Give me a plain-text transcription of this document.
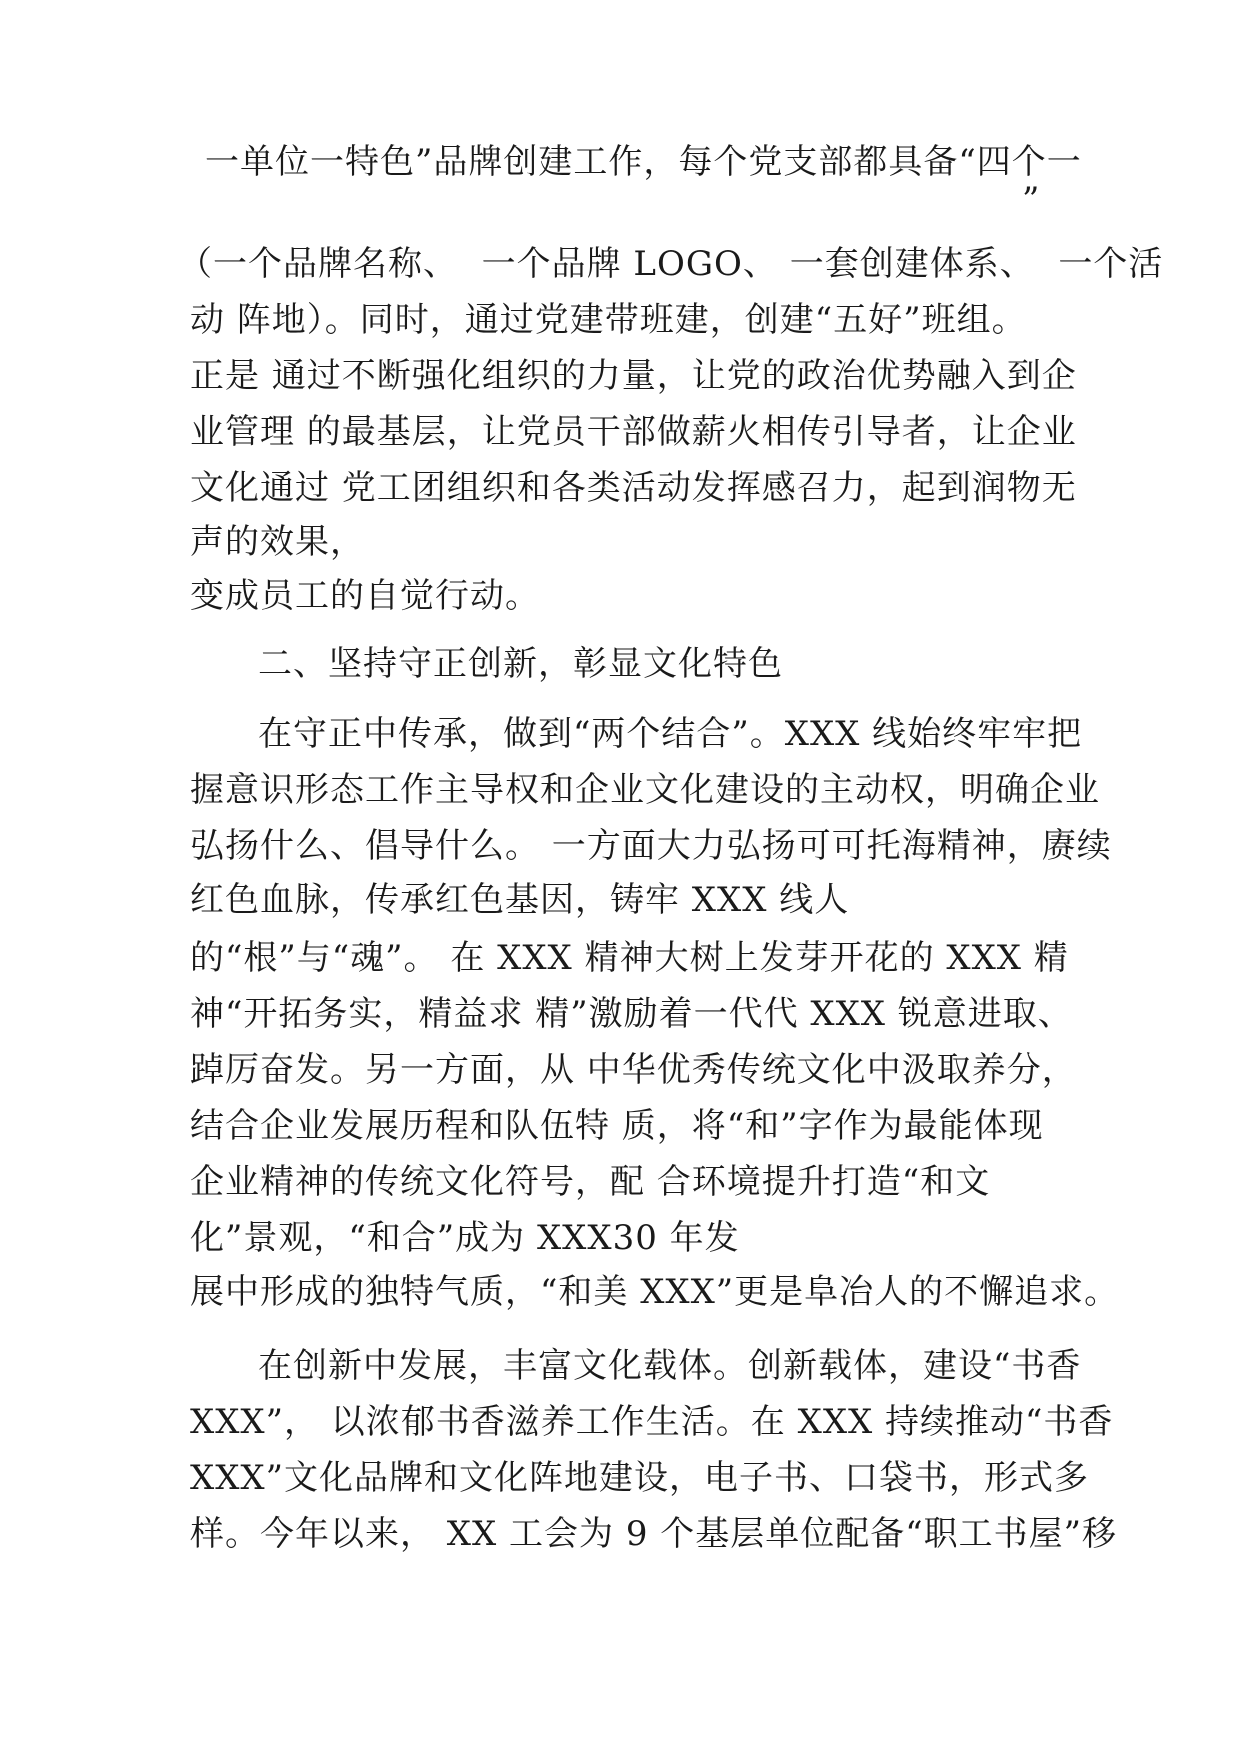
一单位一特色”品牌创建工作，每个党支部都具备“四个一
”
（一个品牌名称、  一个品牌 LOGO、 一套创建体系、  一个活
动 阵地）。同时，通过党建带班建，创建“五好”班组。
正是 通过不断强化组织的力量，让党的政治优势融入到企
业管理 的最基层，让党员干部做薪火相传引导者，让企业
文化通过 党工团组织和各类活动发挥感召力，起到润物无
声的效果，
变成员工的自觉行动。
二、坚持守正创新，彰显文化特色
在守正中传承，做到“两个结合”。XXX 线始终牢牢把
握意识形态工作主导权和企业文化建设的主动权，明确企业
弘扬什么、倡导什么。 一方面大力弘扬可可托海精神，赓续
红色血脉，传承红色基因，铸牢 XXX 线人
的“根”与“魂”。 在 XXX 精神大树上发芽开花的 XXX 精
神“开拓务实，精益求 精”激励着一代代 XXX 锐意进取、
踔厉奋发。另一方面，从 中华优秀传统文化中汲取养分，
结合企业发展历程和队伍特 质，将“和”字作为最能体现
企业精神的传统文化符号，配 合环境提升打造“和文
化”景观，“和合”成为 XXX30 年发
展中形成的独特气质，“和美 XXX”更是阜冶人的不懈追求。
在创新中发展，丰富文化载体。创新载体，建设“书香
XXX”， 以浓郁书香滋养工作生活。在 XXX 持续推动“书香
XXX”文化品牌和文化阵地建设，电子书、口袋书，形式多
样。今年以来， XX 工会为 9 个基层单位配备“职工书屋”移
